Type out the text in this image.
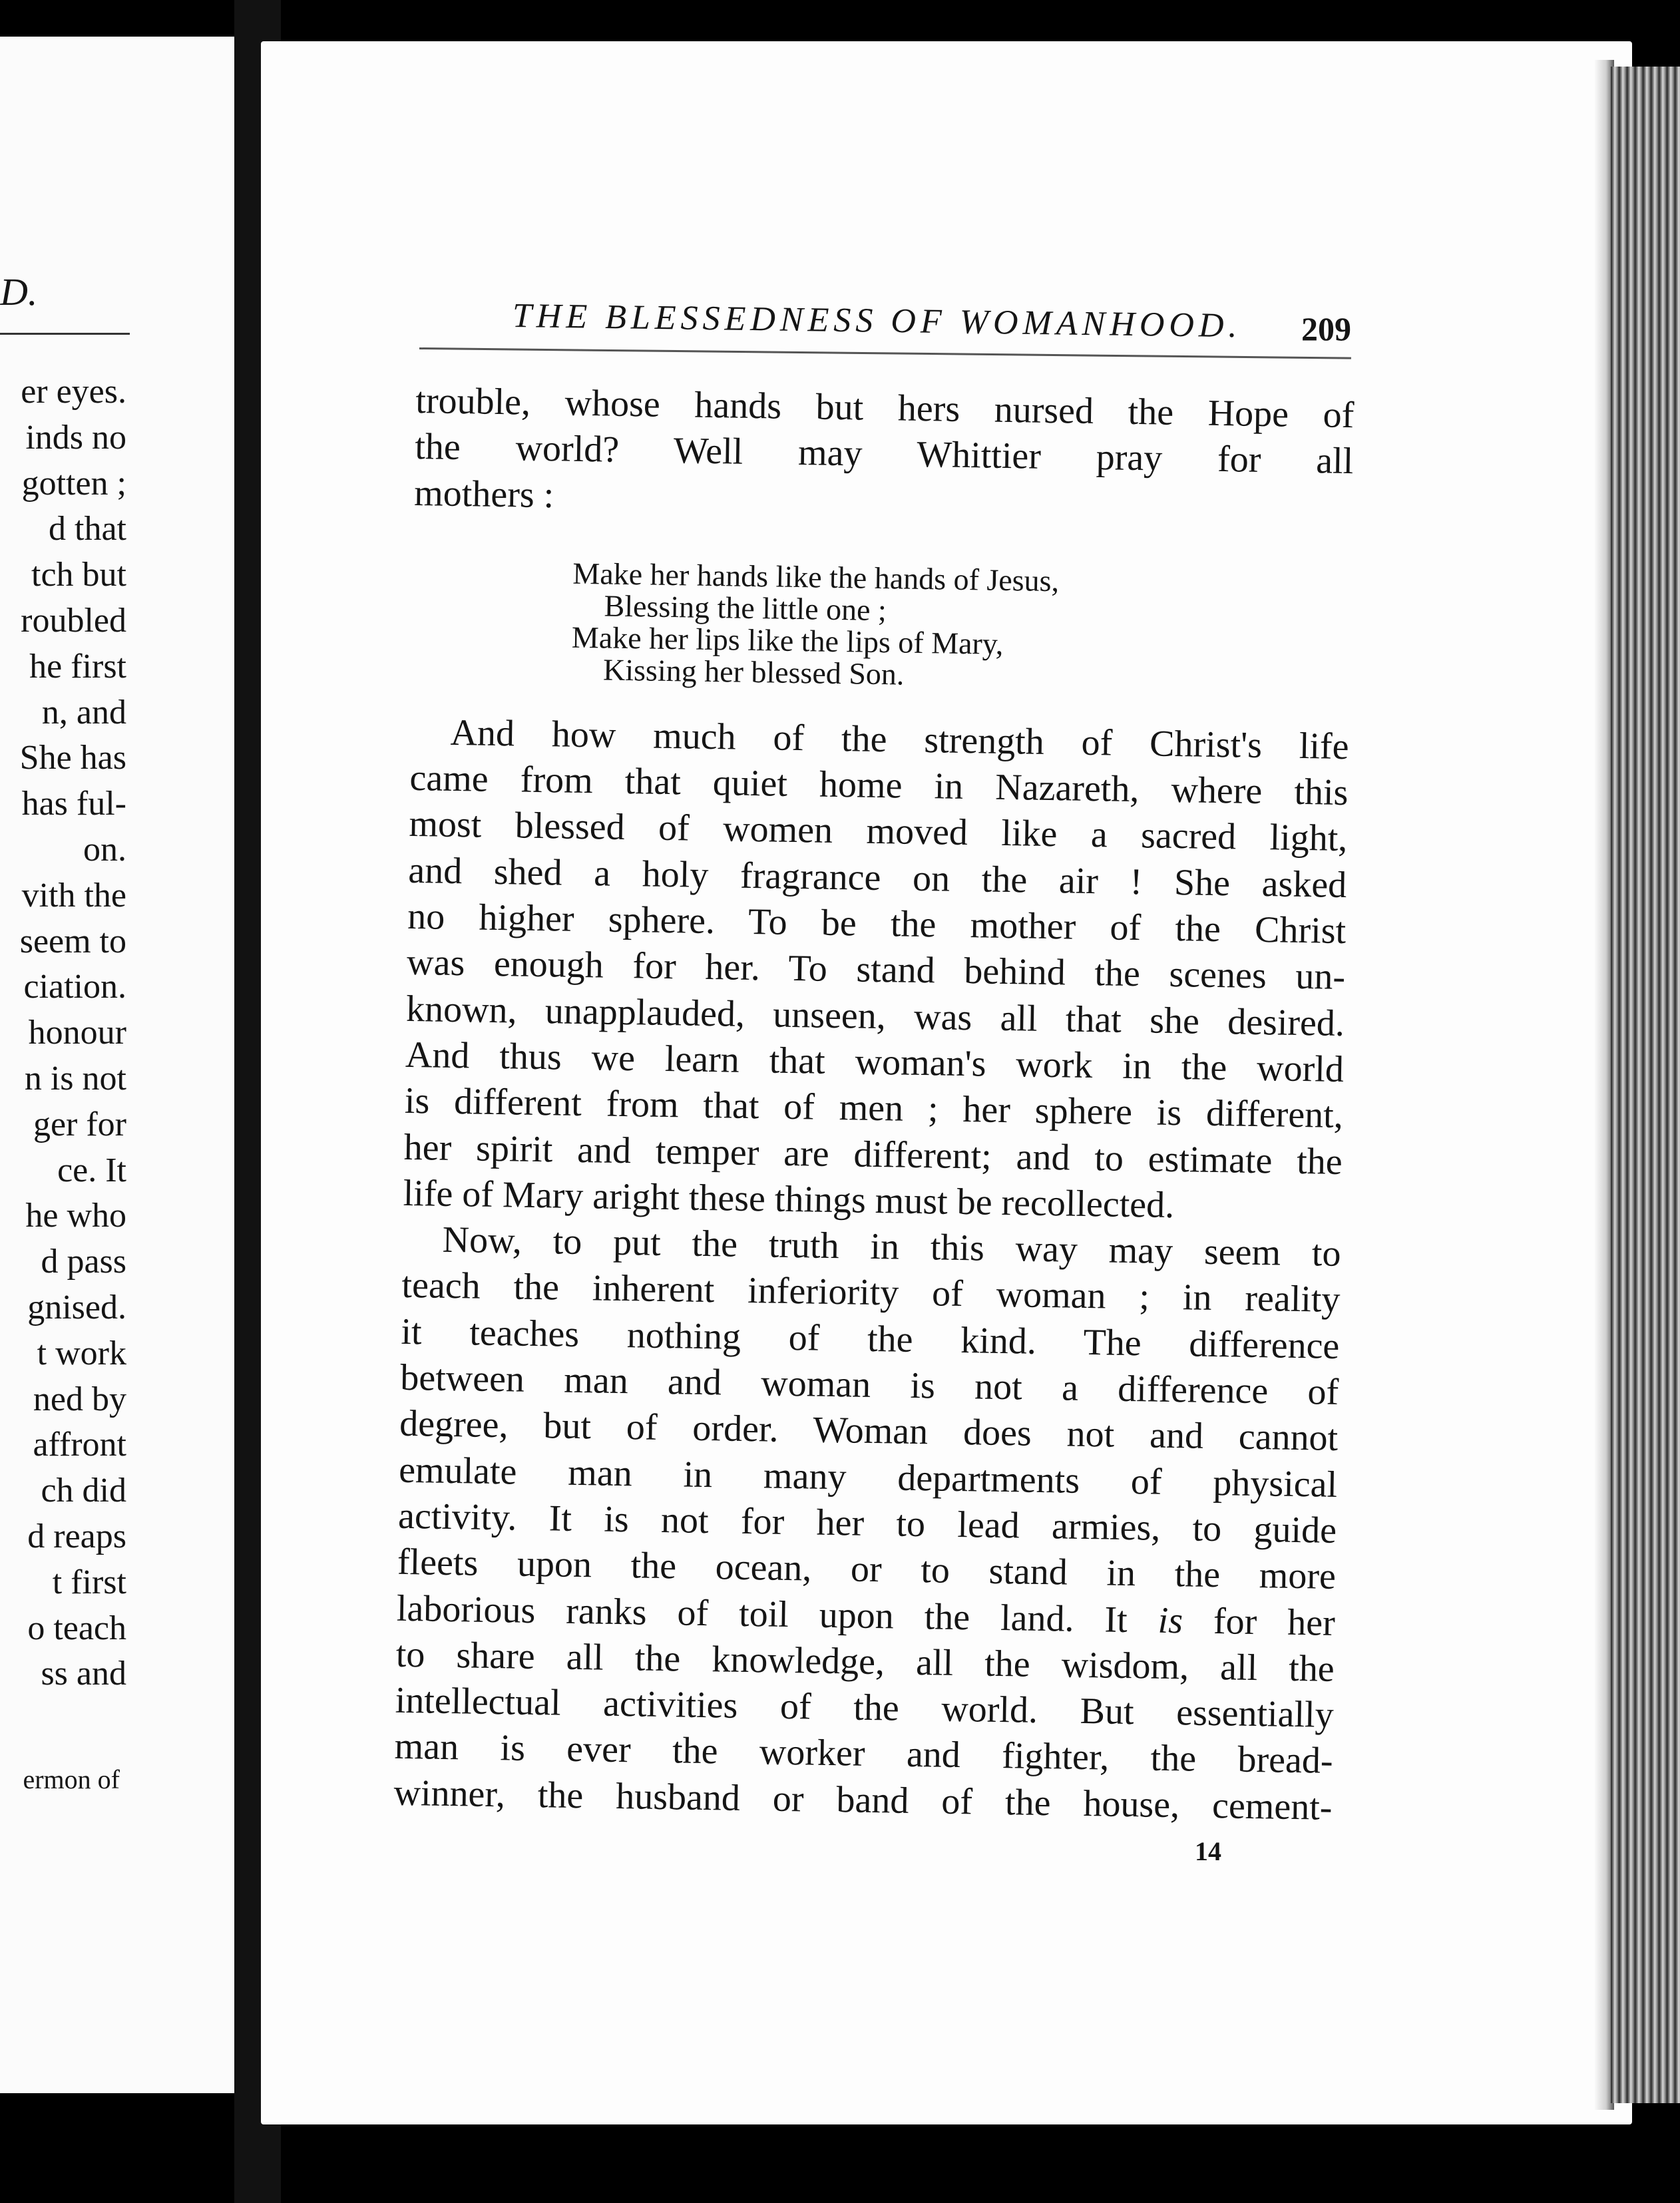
D.
er eyes.
inds no
gotten ;
d that
tch but
roubled
he first
n, and
She has
has ful-
on.
vith the
seem to
ciation.
honour
n is not
ger for
ce. It
he who
d pass
gnised.
t work
ned by
affront
ch did
d reaps
t first
o teach
ss and
ermon of
THE BLESSEDNESS OF WOMANHOOD. 209
trouble, whose hands but hers nursed the Hope of
the world? Well may Whittier pray for all
mothers :
Make her hands like the hands of Jesus,
Blessing the little one ;
Make her lips like the lips of Mary,
Kissing her blessed Son.
And how much of the strength of Christ's life
came from that quiet home in Nazareth, where this
most blessed of women moved like a sacred light,
and shed a holy fragrance on the air ! She asked
no higher sphere. To be the mother of the Christ
was enough for her. To stand behind the scenes un-
known, unapplauded, unseen, was all that she desired.
And thus we learn that woman's work in the world
is different from that of men ; her sphere is different,
her spirit and temper are different; and to estimate the
life of Mary aright these things must be recollected.
Now, to put the truth in this way may seem to
teach the inherent inferiority of woman ; in reality
it teaches nothing of the kind. The difference
between man and woman is not a difference of
degree, but of order. Woman does not and cannot
emulate man in many departments of physical
activity. It is not for her to lead armies, to guide
fleets upon the ocean, or to stand in the more
laborious ranks of toil upon the land. It is for her
to share all the knowledge, all the wisdom, all the
intellectual activities of the world. But essentially
man is ever the worker and fighter, the bread-
winner, the husband or band of the house, cement-
14
